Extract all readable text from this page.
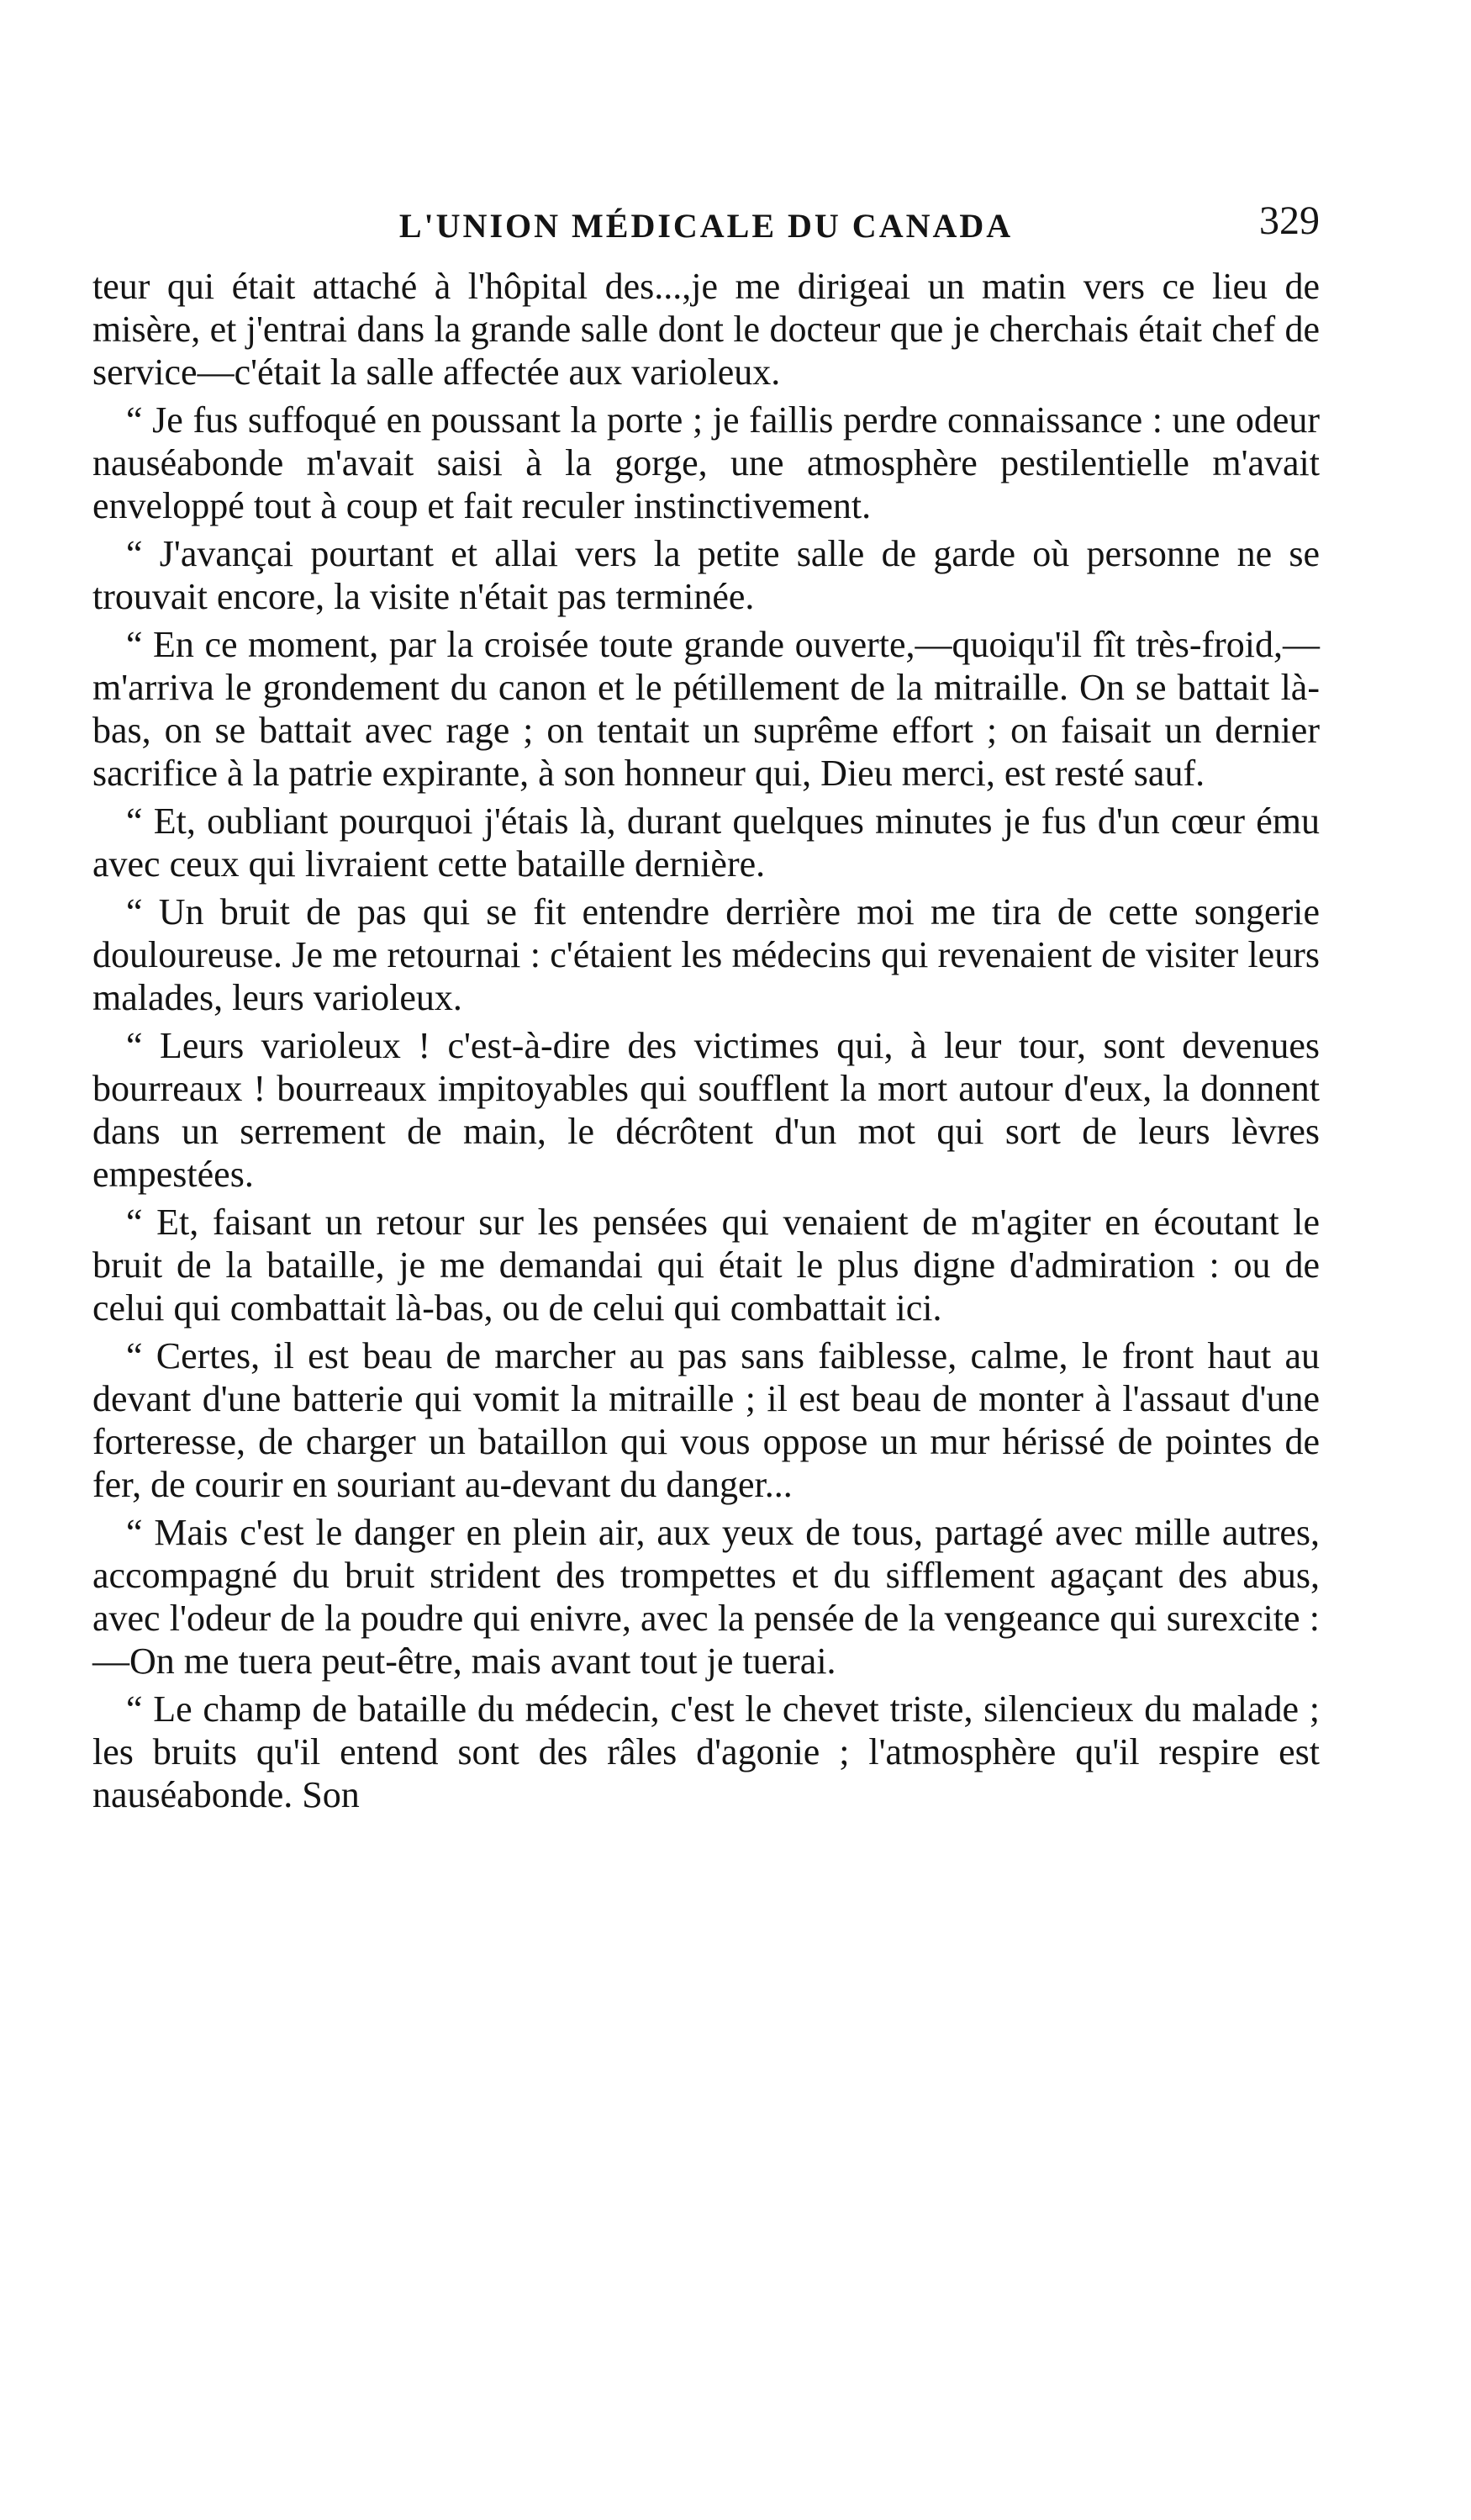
L'UNION MÉDICALE DU CANADA	329

teur qui était attaché à l'hôpital des...,je me dirigeai un matin vers ce lieu de misère, et j'entrai dans la grande salle dont le docteur que je cherchais était chef de service—c'était la salle affectée aux varioleux.

“ Je fus suffoqué en poussant la porte ; je faillis perdre connaissance : une odeur nauséabonde m'avait saisi à la gorge, une atmosphère pestilentielle m'avait enveloppé tout à coup et fait reculer instinctivement.

“ J'avançai pourtant et allai vers la petite salle de garde où personne ne se trouvait encore, la visite n'était pas terminée.

“ En ce moment, par la croisée toute grande ouverte,—quoiqu'il fît très-froid,—m'arriva le grondement du canon et le pétillement de la mitraille. On se battait là-bas, on se battait avec rage ; on tentait un suprême effort ; on faisait un dernier sacrifice à la patrie expirante, à son honneur qui, Dieu merci, est resté sauf.

“ Et, oubliant pourquoi j'étais là, durant quelques minutes je fus d'un cœur ému avec ceux qui livraient cette bataille dernière.

“ Un bruit de pas qui se fit entendre derrière moi me tira de cette songerie douloureuse. Je me retournai : c'étaient les médecins qui revenaient de visiter leurs malades, leurs varioleux.

“ Leurs varioleux ! c'est-à-dire des victimes qui, à leur tour, sont devenues bourreaux ! bourreaux impitoyables qui soufflent la mort autour d'eux, la donnent dans un serrement de main, le décrôtent d'un mot qui sort de leurs lèvres empestées.

“ Et, faisant un retour sur les pensées qui venaient de m'agiter en écoutant le bruit de la bataille, je me demandai qui était le plus digne d'admiration : ou de celui qui combattait là-bas, ou de celui qui combattait ici.

“ Certes, il est beau de marcher au pas sans faiblesse, calme, le front haut au devant d'une batterie qui vomit la mitraille ; il est beau de monter à l'assaut d'une forteresse, de charger un bataillon qui vous oppose un mur hérissé de pointes de fer, de courir en souriant au-devant du danger...

“ Mais c'est le danger en plein air, aux yeux de tous, partagé avec mille autres, accompagné du bruit strident des trompettes et du sifflement agaçant des abus, avec l'odeur de la poudre qui enivre, avec la pensée de la vengeance qui surexcite :—On me tuera peut-être, mais avant tout je tuerai.

“ Le champ de bataille du médecin, c'est le chevet triste, silencieux du malade ; les bruits qu'il entend sont des râles d'agonie ; l'atmosphère qu'il respire est nauséabonde. Son
